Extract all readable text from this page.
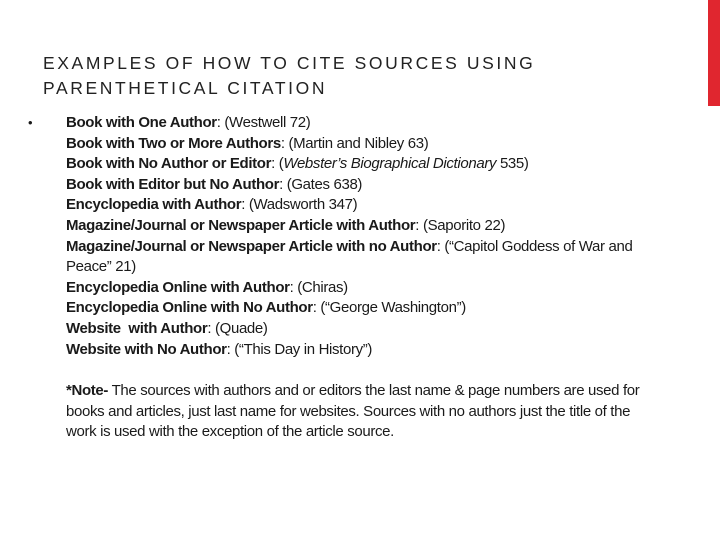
EXAMPLES OF HOW TO CITE SOURCES USING PARENTHETICAL CITATION
•	Book with One Author: (Westwell 72)
Book with Two or More Authors: (Martin and Nibley 63)
Book with No Author or Editor: (Webster’s Biographical Dictionary 535)
Book with Editor but No Author: (Gates 638)
Encyclopedia with Author: (Wadsworth 347)
Magazine/Journal or Newspaper Article with Author: (Saporito 22)
Magazine/Journal or Newspaper Article with no Author: (“Capitol Goddess of War and Peace” 21)
Encyclopedia Online with Author: (Chiras)
Encyclopedia Online with No Author: (“George Washington”)
Website  with Author: (Quade)
Website with No Author: (“This Day in History”)
*Note- The sources with authors and or editors the last name & page numbers are used for books and articles, just last name for websites. Sources with no authors just the title of the work is used with the exception of the article source.
